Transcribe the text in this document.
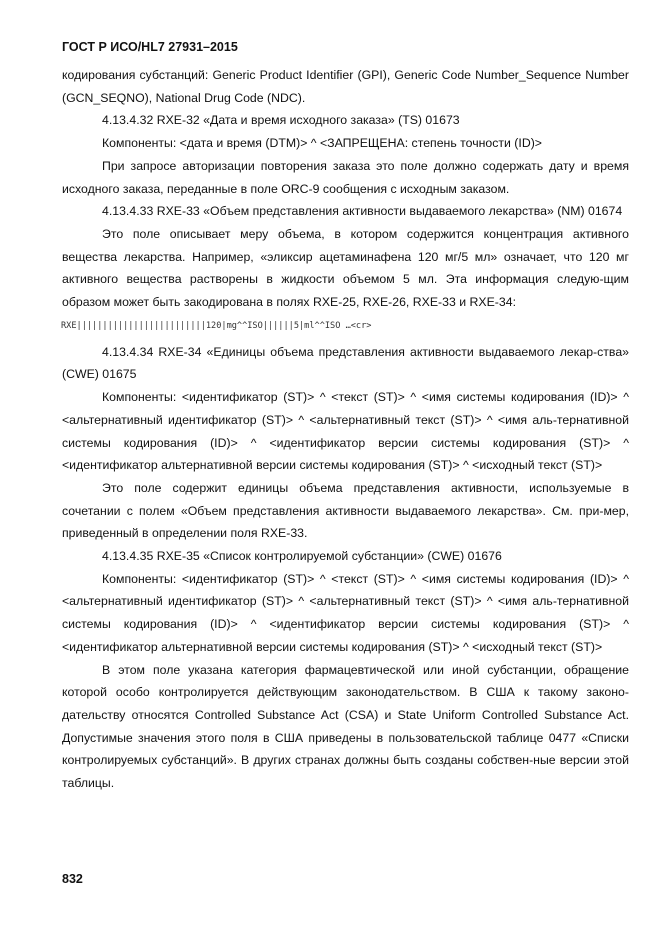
ГОСТ Р ИСО/HL7 27931–2015

кодирования субстанций: Generic Product Identifier (GPI), Generic Code Number_Sequence Number (GCN_SEQNO), National Drug Code (NDC).

4.13.4.32 RXE-32 «Дата и время исходного заказа» (TS) 01673

Компоненты: <дата и время (DTM)> ^ <ЗАПРЕЩЕНА: степень точности (ID)>

При запросе авторизации повторения заказа это поле должно содержать дату и время исходного заказа, переданные в поле ORC-9 сообщения с исходным заказом.

4.13.4.33 RXE-33 «Объем представления активности выдаваемого лекарства» (NM) 01674

Это поле описывает меру объема, в котором содержится концентрация активного вещества лекарства. Например, «эликсир ацетаминафена 120 мг/5 мл» означает, что 120 мг активного вещества растворены в жидкости объемом 5 мл. Эта информация следую-щим образом может быть закодирована в полях RXE-25, RXE-26, RXE-33 и RXE-34:

RXE|||||||||||||||||||||||||120|mg^^ISO||||||5|ml^^ISO …<cr>

4.13.4.34 RXE-34 «Единицы объема представления активности выдаваемого лекар-ства» (CWE) 01675

Компоненты: <идентификатор (ST)> ^ <текст (ST)> ^ <имя системы кодирования (ID)> ^ <альтернативный идентификатор (ST)> ^ <альтернативный текст (ST)> ^ <имя аль-тернативной системы кодирования (ID)> ^ <идентификатор версии системы кодирования (ST)> ^ <идентификатор альтернативной версии системы кодирования (ST)> ^ <исходный текст (ST)>

Это поле содержит единицы объема представления активности, используемые в сочетании с полем «Объем представления активности выдаваемого лекарства». См. при-мер, приведенный в определении поля RXE-33.

4.13.4.35 RXE-35 «Список контролируемой субстанции» (CWE) 01676

Компоненты: <идентификатор (ST)> ^ <текст (ST)> ^ <имя системы кодирования (ID)> ^ <альтернативный идентификатор (ST)> ^ <альтернативный текст (ST)> ^ <имя аль-тернативной системы кодирования (ID)> ^ <идентификатор версии системы кодирования (ST)> ^ <идентификатор альтернативной версии системы кодирования (ST)> ^ <исходный текст (ST)>

В этом поле указана категория фармацевтической или иной субстанции, обращение которой особо контролируется действующим законодательством. В США к такому законо-дательству относятся Controlled Substance Act (CSA) и State Uniform Controlled Substance Act. Допустимые значения этого поля в США приведены в пользовательской таблице 0477 «Списки контролируемых субстанций». В других странах должны быть созданы собствен-ные версии этой таблицы.

832
